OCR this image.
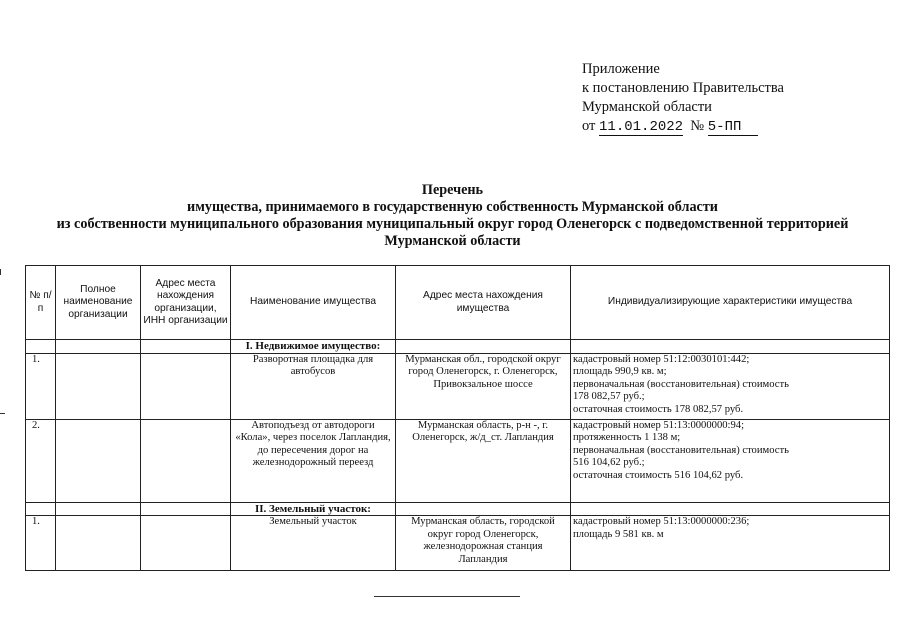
Приложение
к постановлению Правительства
Мурманской области
от 11.01.2022 № 5-ПП
Перечень
имущества, принимаемого в государственную собственность Мурманской области
из собственности муниципального образования муниципальный округ город Оленегорск с подведомственной территорией
Мурманской области
№ п/п	Полное наименование организации	Адрес места нахождения организации, ИНН организации	Наименование имущества	Адрес места нахождения имущества	Индивидуализирующие характеристики имущества
			I. Недвижимое имущество:		
1.			Разворотная площадка для автобусов	Мурманская обл., городской округ город Оленегорск, г. Оленегорск, Привокзальное шоссе	кадастровый номер 51:12:0030101:442;
площадь 990,9 кв. м;
первоначальная (восстановительная) стоимость
178 082,57 руб.;
остаточная стоимость 178 082,57 руб.

2.			Автоподъезд от автодороги «Кола», через поселок Лапландия, до пересечения дорог на железнодорожный переезд	Мурманская область, р-н -, г. Оленегорск, ж/д_ст. Лапландия	кадастровый номер 51:13:0000000:94;
протяженность 1 138 м;
первоначальная (восстановительная) стоимость
516 104,62 руб.;
остаточная стоимость 516 104,62 руб.

			II. Земельный участок:		
1.			Земельный участок	Мурманская область, городской округ город Оленегорск, железнодорожная станция Лапландия	кадастровый номер 51:13:0000000:236;
площадь 9 581 кв. м
